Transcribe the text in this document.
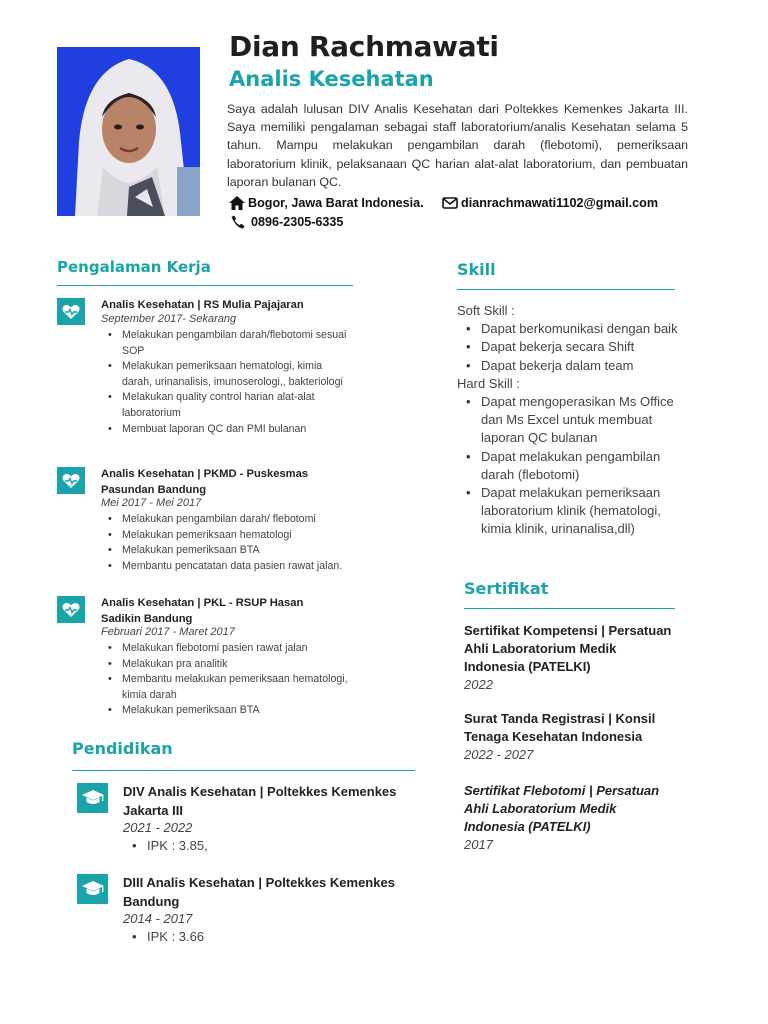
Dian Rachmawati
Analis Kesehatan
Saya adalah lulusan DIV Analis Kesehatan dari Poltekkes Kemenkes Jakarta III. Saya memiliki pengalaman sebagai staff laboratorium/analis Kesehatan selama 5 tahun. Mampu melakukan pengambilan darah (flebotomi), pemeriksaan laboratorium klinik, pelaksanaan QC harian alat-alat laboratorium, dan pembuatan laporan bulanan QC.
Bogor, Jawa Barat Indonesia.	dianrachmawati1102@gmail.com
0896-2305-6335
Pengalaman Kerja
Analis Kesehatan | RS Mulia Pajajaran
September 2017- Sekarang
• Melakukan pengambilan darah/flebotomi sesuai SOP
• Melakukan pemeriksaan hematologi, kimia darah, urinanalisis, imunoserologi,, bakteriologi
• Melakukan quality control harian alat-alat laboratorium
• Membuat laporan QC dan PMI bulanan
Analis Kesehatan | PKMD - Puskesmas Pasundan Bandung
Mei 2017 - Mei 2017
• Melakukan pengambilan darah/ flebotomi
• Melakukan pemeriksaan hematologi
• Melakukan pemeriksaan BTA
• Membantu pencatatan data pasien rawat jalan.
Analis Kesehatan | PKL - RSUP Hasan Sadikin Bandung
Februari 2017 - Maret 2017
• Melakukan flebotomi pasien rawat jalan
• Melakukan pra analitik
• Membantu melakukan pemeriksaan hematologi, kimia darah
• Melakukan pemeriksaan BTA
Pendidikan
DIV Analis Kesehatan | Poltekkes Kemenkes Jakarta III
2021 - 2022
• IPK : 3.85,
DIII Analis Kesehatan | Poltekkes Kemenkes Bandung
2014 - 2017
• IPK : 3.66
Skill
Soft Skill :
• Dapat berkomunikasi dengan baik
• Dapat bekerja secara Shift
• Dapat bekerja dalam team
Hard Skill :
• Dapat mengoperasikan Ms Office dan Ms Excel untuk membuat laporan QC bulanan
• Dapat melakukan pengambilan darah (flebotomi)
• Dapat melakukan pemeriksaan laboratorium klinik (hematologi, kimia klinik, urinanalisa,dll)
Sertifikat
Sertifikat Kompetensi | Persatuan Ahli Laboratorium Medik Indonesia (PATELKI)
2022
Surat Tanda Registrasi | Konsil Tenaga Kesehatan Indonesia
2022 - 2027
Sertifikat Flebotomi | Persatuan Ahli Laboratorium Medik Indonesia (PATELKI)
2017
